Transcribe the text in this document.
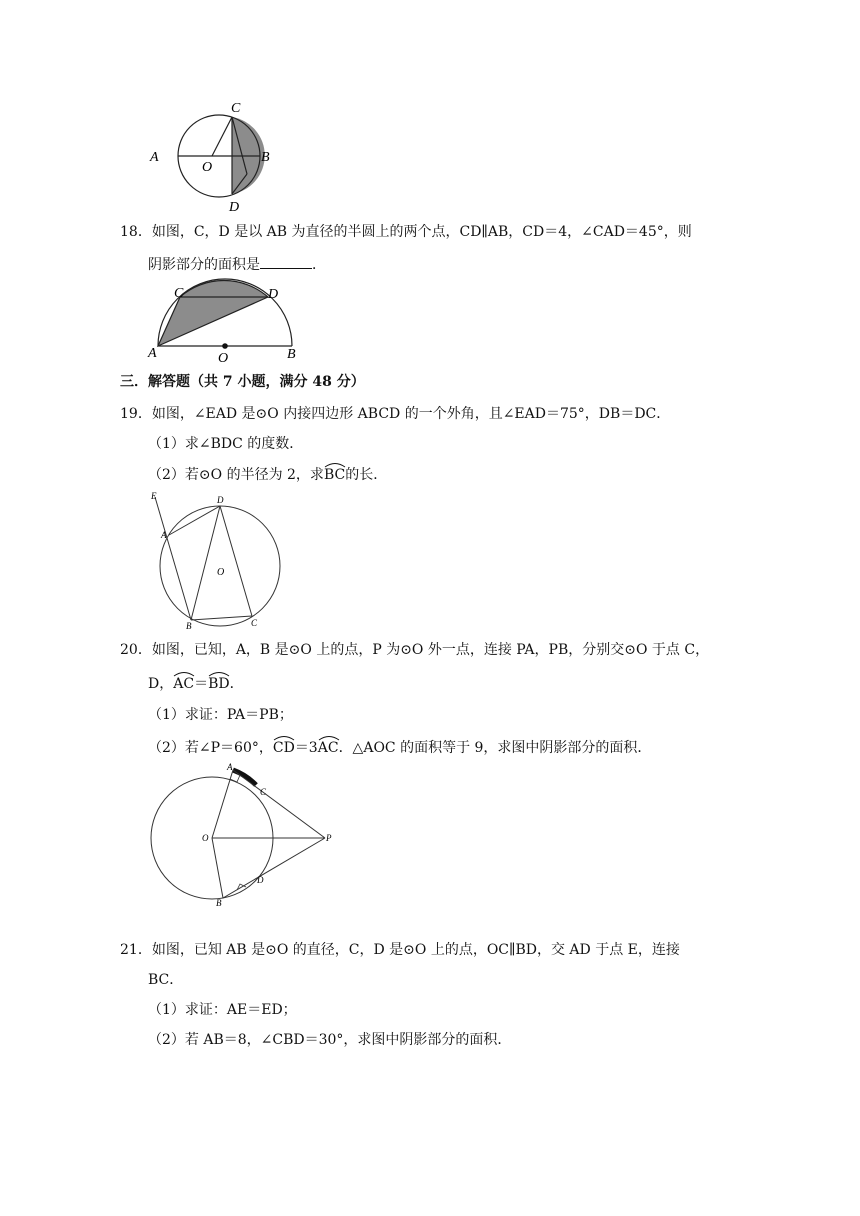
C
A
O
B
D
18．如图，C，D 是以 AB 为直径的半圆上的两个点，CD∥AB，CD＝4，∠CAD＝45°，则
阴影部分的面积是	．
C	D
A	O	B
三．解答题（共 7 小题，满分 48 分）
19．如图，∠EAD 是⊙O 内接四边形 ABCD 的一个外角，且∠EAD＝75°，DB＝DC．
（1）求∠BDC 的度数．
（2）若⊙O 的半径为 2，求
BC的长．
E	D
A
O
B	C
20．如图，已知，A，B 是⊙O 上的点，P 为⊙O 外一点，连接 PA，PB，分别交⊙O 于点 C，
D，
AC＝
BD．
（1）求证：PA＝PB；
（2）若∠P＝60°，
CD＝3
AC．△AOC 的面积等于 9，求图中阴影部分的面积．
A
C
O	P
D
B
21．如图，已知 AB 是⊙O 的直径，C，D 是⊙O 上的点，OC∥BD，交 AD 于点 E，连接
BC．
（1）求证：AE＝ED；
（2）若 AB＝8，∠CBD＝30°，求图中阴影部分的面积．
